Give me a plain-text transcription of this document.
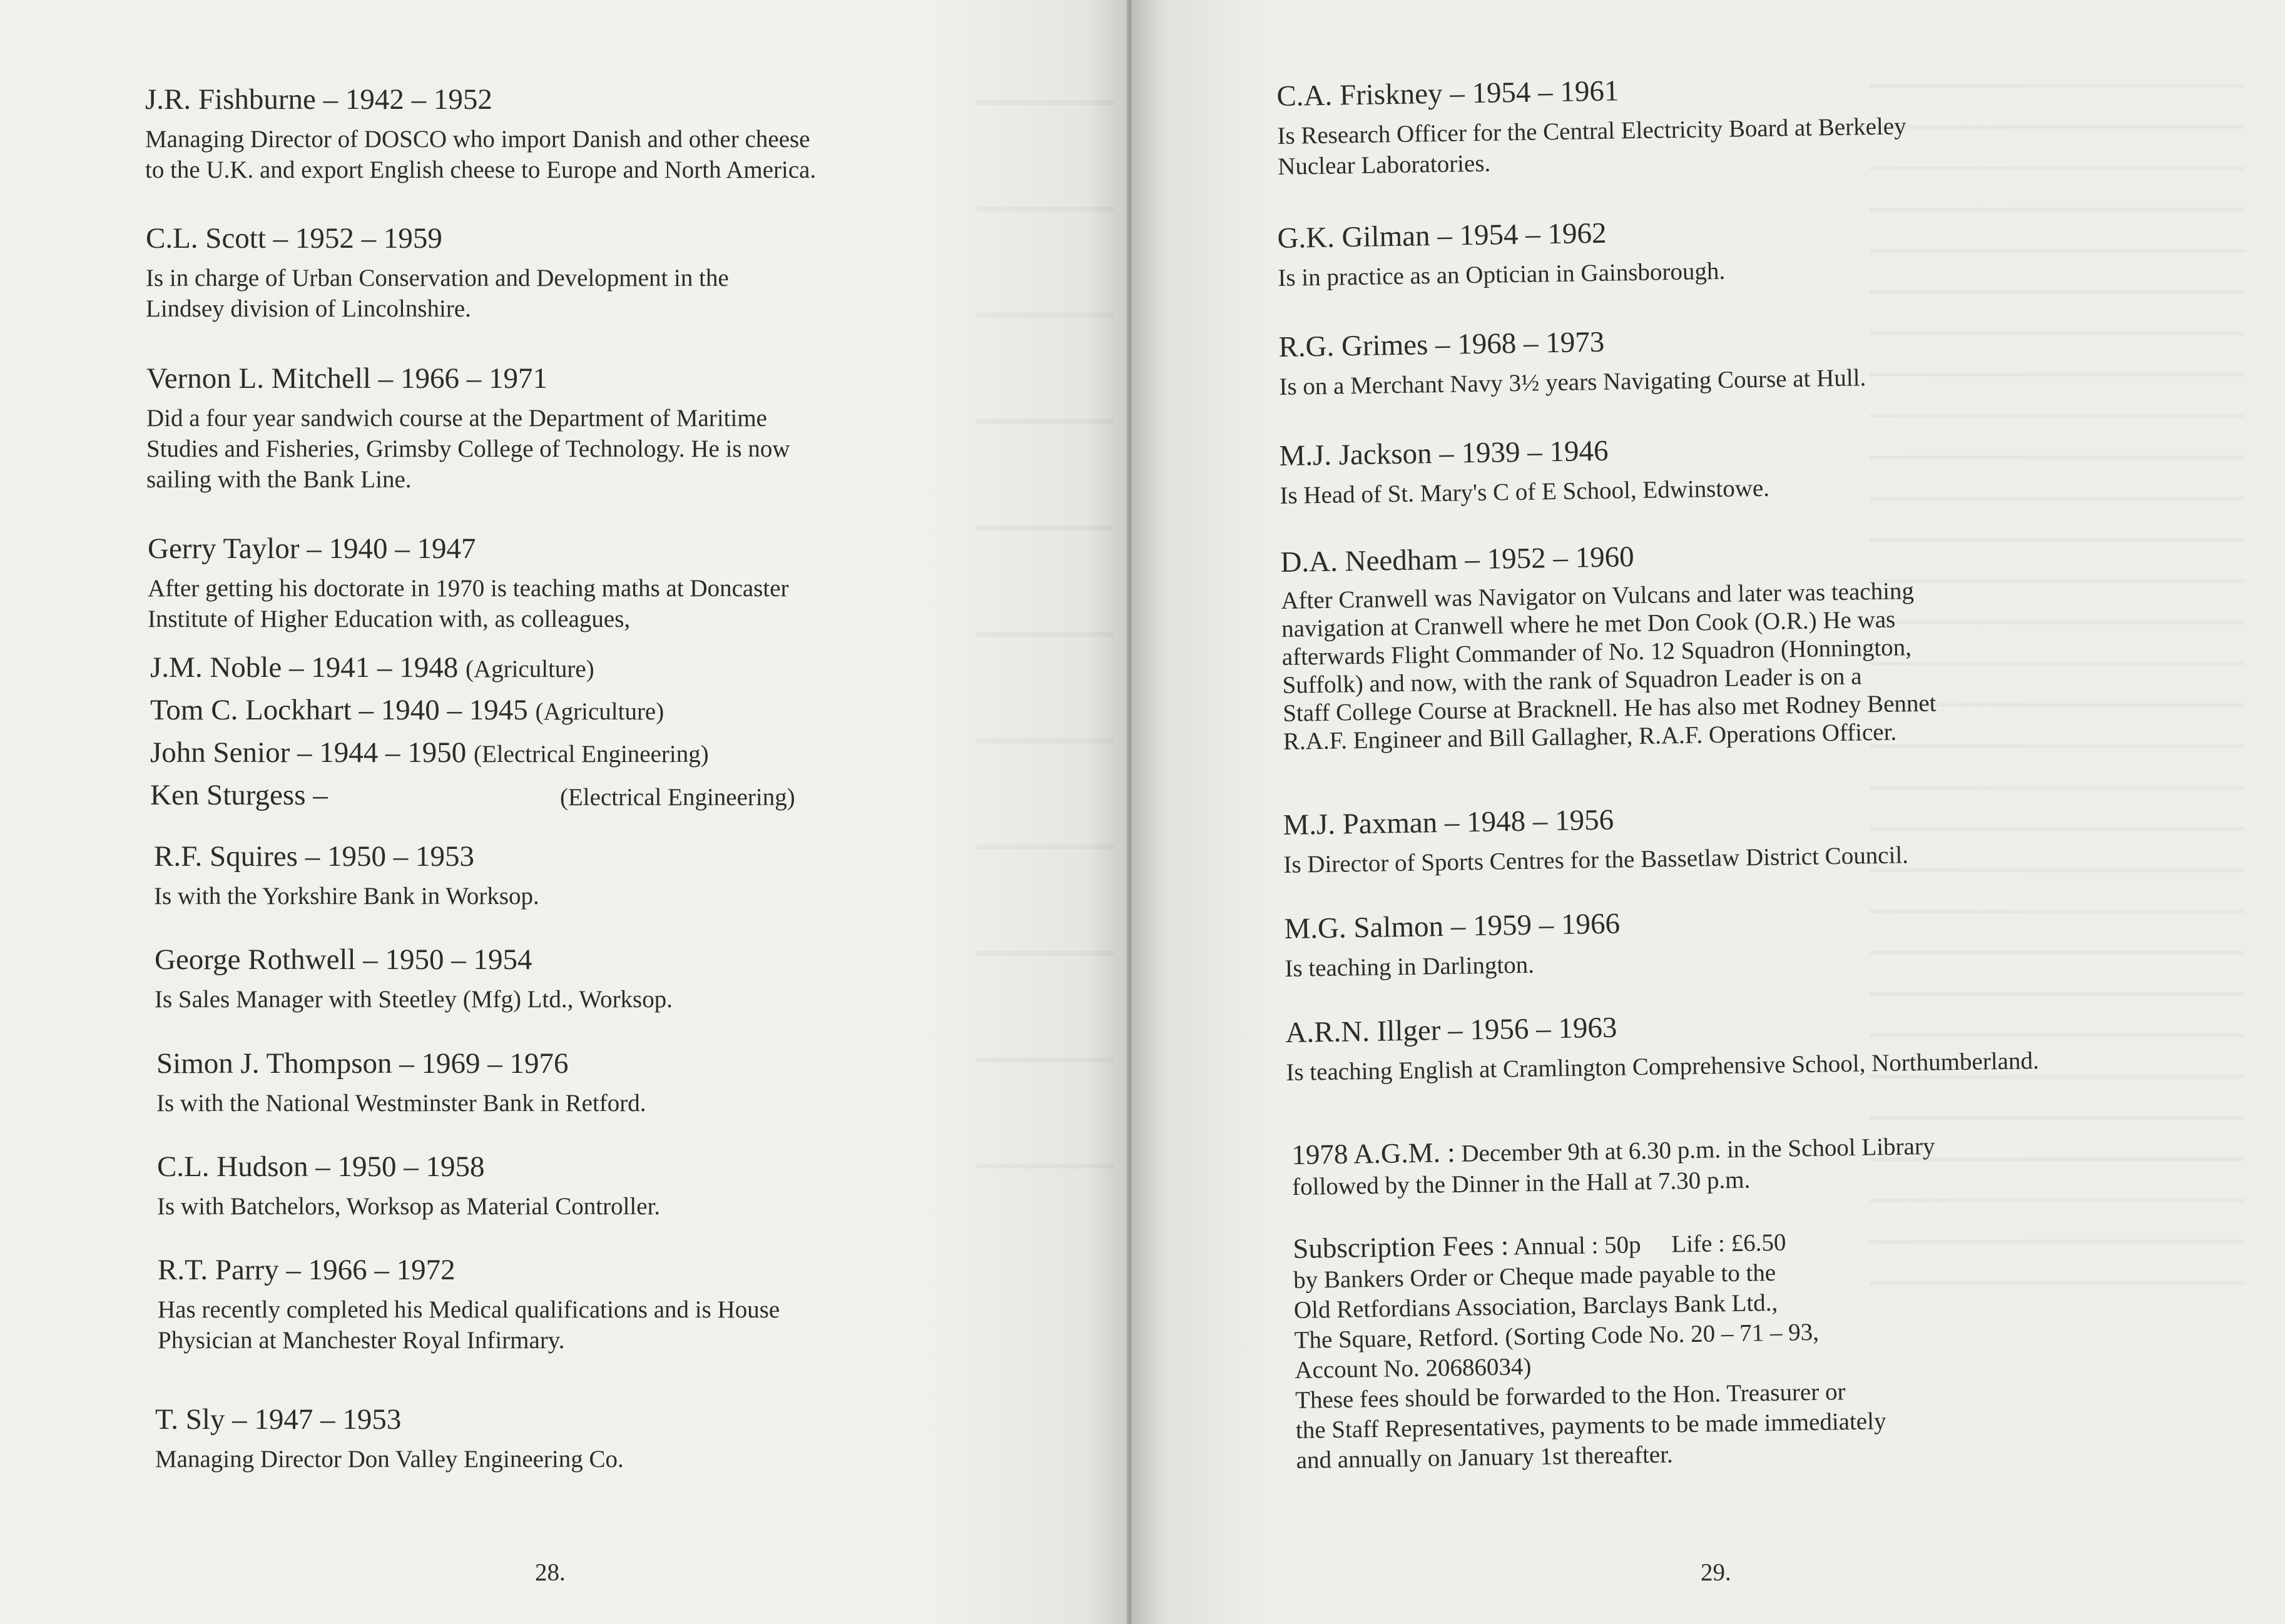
J.R. Fishburne – 1942 – 1952
Managing Director of DOSCO who import Danish and other cheese
to the U.K. and export English cheese to Europe and North America.
C.L. Scott – 1952 – 1959
Is in charge of Urban Conservation and Development in the
Lindsey division of Lincolnshire.
Vernon L. Mitchell – 1966 – 1971
Did a four year sandwich course at the Department of Maritime
Studies and Fisheries, Grimsby College of Technology. He is now
sailing with the Bank Line.
Gerry Taylor – 1940 – 1947
After getting his doctorate in 1970 is teaching maths at Doncaster
Institute of Higher Education with, as colleagues,
J.M. Noble – 1941 – 1948 (Agriculture)
Tom C. Lockhart – 1940 – 1945 (Agriculture)
John Senior – 1944 – 1950 (Electrical Engineering)
Ken Sturgess –	(Electrical Engineering)
R.F. Squires – 1950 – 1953
Is with the Yorkshire Bank in Worksop.
George Rothwell – 1950 – 1954
Is Sales Manager with Steetley (Mfg) Ltd., Worksop.
Simon J. Thompson – 1969 – 1976
Is with the National Westminster Bank in Retford.
C.L. Hudson – 1950 – 1958
Is with Batchelors, Worksop as Material Controller.
R.T. Parry – 1966 – 1972
Has recently completed his Medical qualifications and is House
Physician at Manchester Royal Infirmary.
T. Sly – 1947 – 1953
Managing Director Don Valley Engineering Co.
28.
C.A. Friskney – 1954 – 1961
Is Research Officer for the Central Electricity Board at Berkeley
Nuclear Laboratories.
G.K. Gilman – 1954 – 1962
Is in practice as an Optician in Gainsborough.
R.G. Grimes – 1968 – 1973
Is on a Merchant Navy 3½ years Navigating Course at Hull.
M.J. Jackson – 1939 – 1946
Is Head of St. Mary's C of E School, Edwinstowe.
D.A. Needham – 1952 – 1960
After Cranwell was Navigator on Vulcans and later was teaching
navigation at Cranwell where he met Don Cook (O.R.) He was
afterwards Flight Commander of No. 12 Squadron (Honnington,
Suffolk) and now, with the rank of Squadron Leader is on a
Staff College Course at Bracknell. He has also met Rodney Bennet
R.A.F. Engineer and Bill Gallagher, R.A.F. Operations Officer.
M.J. Paxman – 1948 – 1956
Is Director of Sports Centres for the Bassetlaw District Council.
M.G. Salmon – 1959 – 1966
Is teaching in Darlington.
A.R.N. Illger – 1956 – 1963
Is teaching English at Cramlington Comprehensive School, Northumberland.
1978 A.G.M. : December 9th at 6.30 p.m. in the School Library
followed by the Dinner in the Hall at 7.30 p.m.
Subscription Fees : Annual : 50p Life : £6.50
by Bankers Order or Cheque made payable to the
Old Retfordians Association, Barclays Bank Ltd.,
The Square, Retford. (Sorting Code No. 20 – 71 – 93,
Account No. 20686034)
These fees should be forwarded to the Hon. Treasurer or
the Staff Representatives, payments to be made immediately
and annually on January 1st thereafter.
29.
